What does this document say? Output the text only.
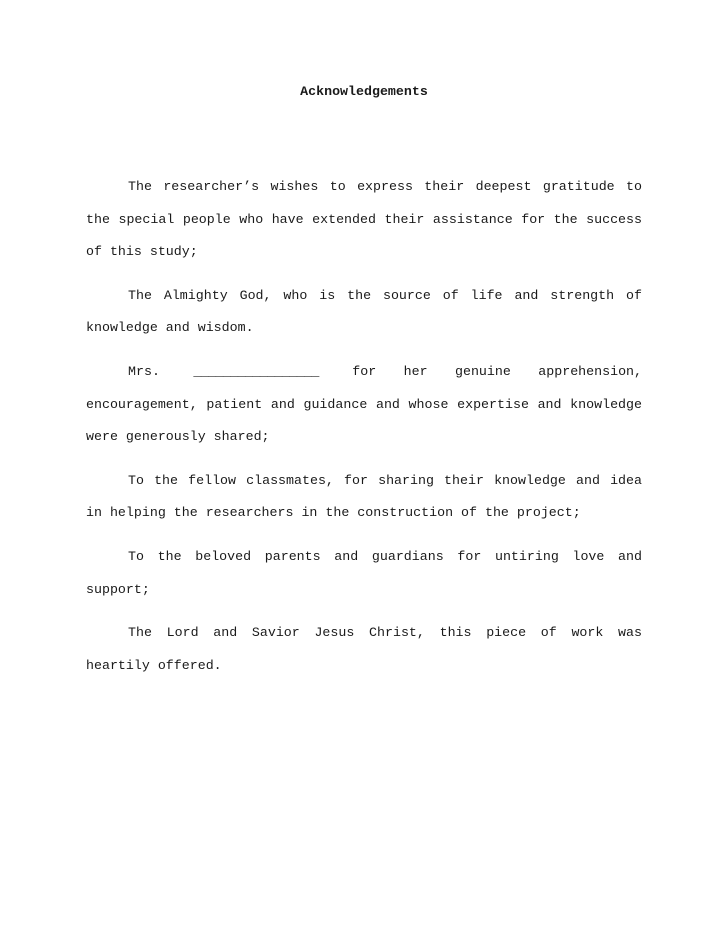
Acknowledgements

The researcher’s wishes to express their deepest gratitude to the special people who have extended their assistance for the success of this study;

The Almighty God, who is the source of life and strength of knowledge and wisdom.

Mrs.	_________________	for her genuine apprehension, encouragement, patient and guidance and whose expertise and knowledge were generously shared;

To the fellow classmates, for sharing their knowledge and idea in helping the researchers in the construction of the project;

To the beloved parents and guardians for untiring love and support;

The Lord and Savior Jesus Christ, this piece of work was heartily offered.
